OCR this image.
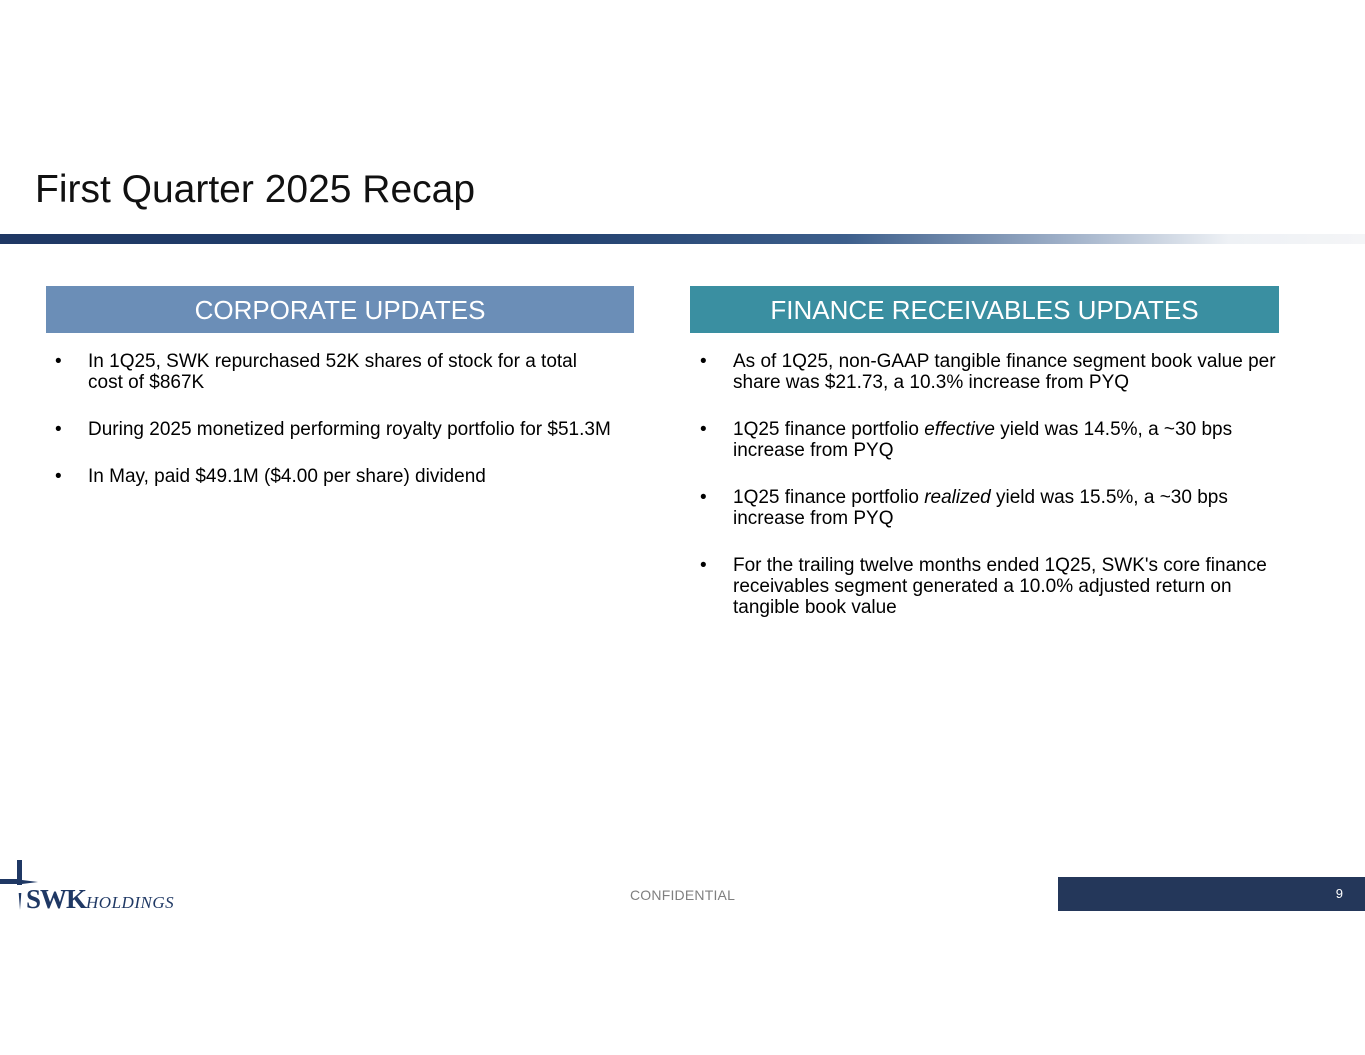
First Quarter 2025 Recap
CORPORATE UPDATES	FINANCE RECEIVABLES UPDATES
• In 1Q25, SWK repurchased 52K shares of stock for a total cost of $867K
• During 2025 monetized performing royalty portfolio for $51.3M
• In May, paid $49.1M ($4.00 per share) dividend
• As of 1Q25, non-GAAP tangible finance segment book value per share was $21.73, a 10.3% increase from PYQ
• 1Q25 finance portfolio effective yield was 14.5%, a ~30 bps increase from PYQ
• 1Q25 finance portfolio realized yield was 15.5%, a ~30 bps increase from PYQ
• For the trailing twelve months ended 1Q25, SWK's core finance receivables segment generated a 10.0% adjusted return on tangible book value
SWKHOLDINGS	CONFIDENTIAL	9
